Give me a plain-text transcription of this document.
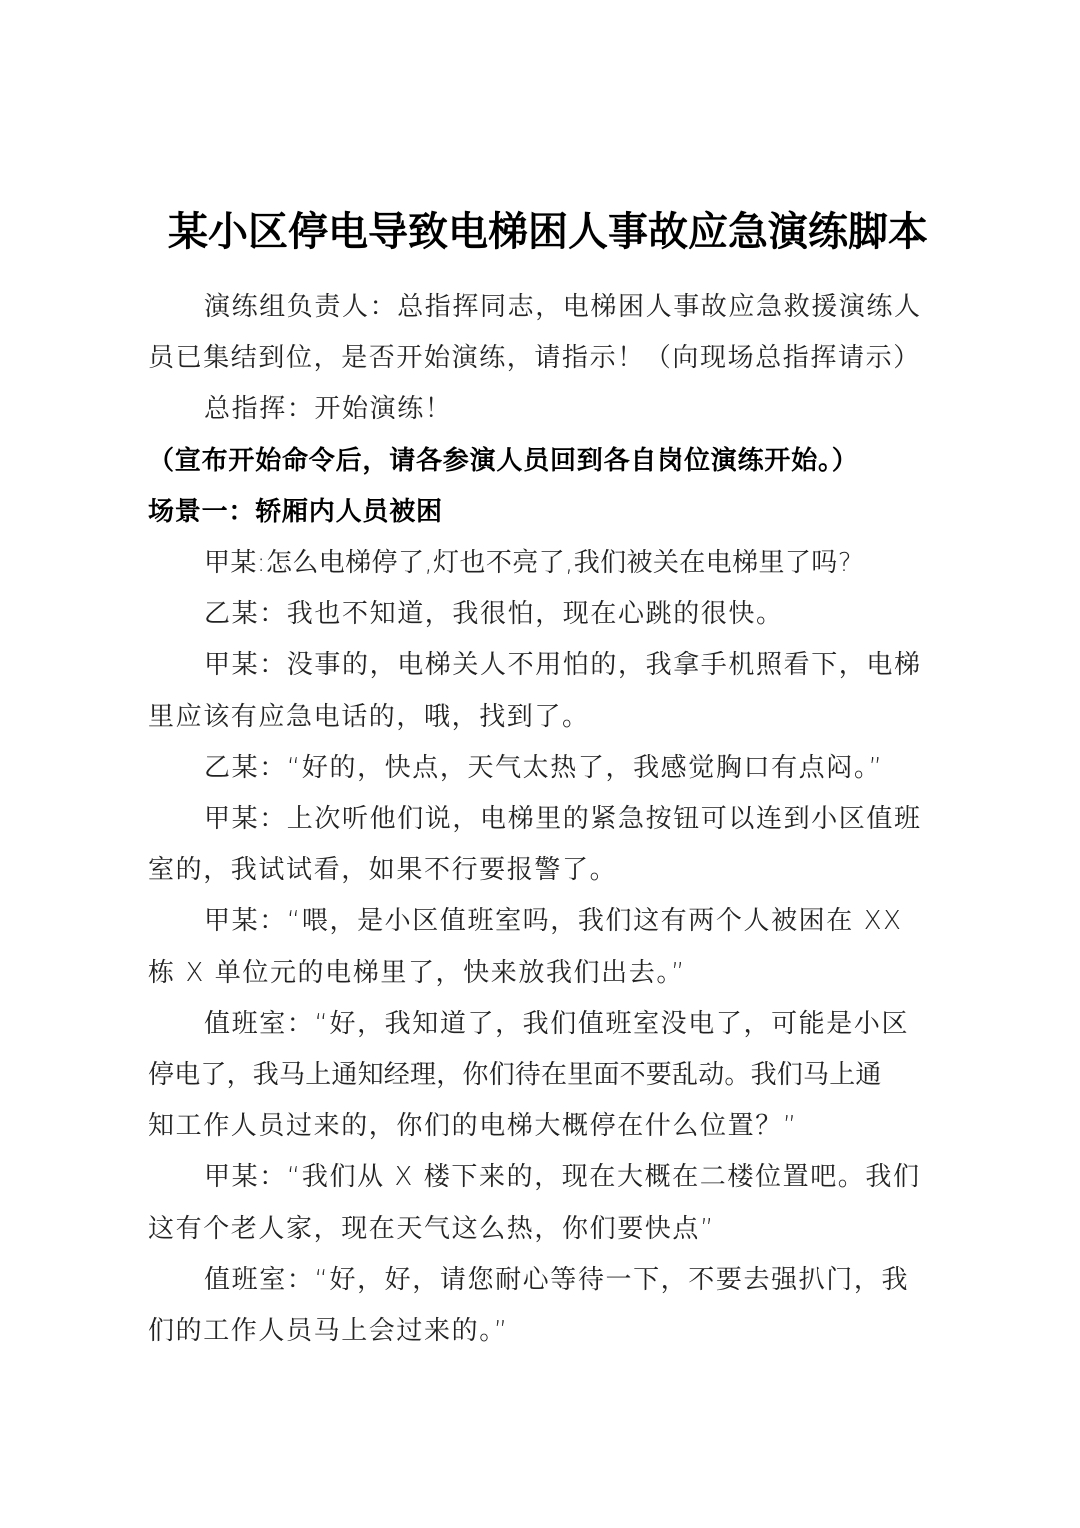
某小区停电导致电梯困人事故应急演练脚本
演练组负责人：总指挥同志，电梯困人事故应急救援演练人
员已集结到位，是否开始演练，请指示！（向现场总指挥请示）
总指挥：开始演练！
（宣布开始命令后，请各参演人员回到各自岗位演练开始。）
场景一：轿厢内人员被困
甲某:怎么电梯停了,灯也不亮了,我们被关在电梯里了吗?
乙某：我也不知道，我很怕，现在心跳的很快。
甲某：没事的，电梯关人不用怕的，我拿手机照看下，电梯
里应该有应急电话的，哦，找到了。
乙某：“好的，快点，天气太热了，我感觉胸口有点闷。”
甲某：上次听他们说，电梯里的紧急按钮可以连到小区值班
室的，我试试看，如果不行要报警了。
甲某：“喂，是小区值班室吗，我们这有两个人被困在 XX
栋 X 单位元的电梯里了，快来放我们出去。”
值班室：“好，我知道了，我们值班室没电了，可能是小区
停电了，我马上通知经理，你们待在里面不要乱动。我们马上通
知工作人员过来的，你们的电梯大概停在什么位置？”
甲某：“我们从 X 楼下来的，现在大概在二楼位置吧。我们
这有个老人家，现在天气这么热，你们要快点”
值班室：“好，好，请您耐心等待一下，不要去强扒门，我
们的工作人员马上会过来的。”
